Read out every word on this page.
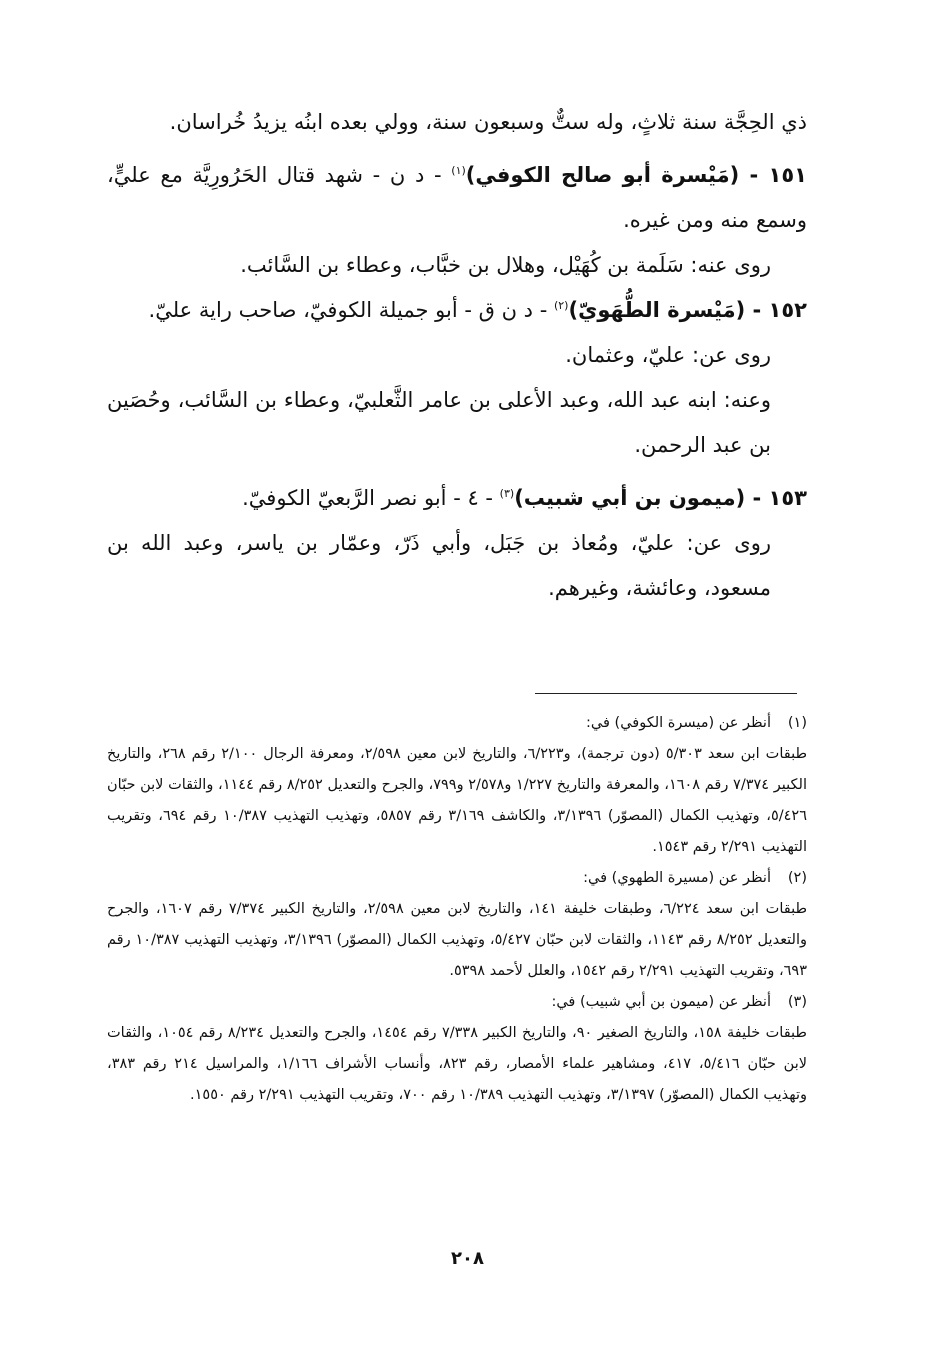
ذي الحِجَّة سنة ثلاثٍ، وله ستٌّ وسبعون سنة، وولي بعده ابنُه يزيدُ خُراسان.

١٥١ - (مَيْسرة أبو صالح الكوفي)$^{(١)}$ - د ن - شهد قتال الحَرُورِيَّة مع عليٍّ، وسمع منه ومن غيره.

روى عنه: سَلَمة بن كُهَيْل، وهلال بن خبَّاب، وعطاء بن السَّائب.

١٥٢ - (مَيْسرة الطُّهَويّ)$^{(٢)}$ - د ن ق - أبو جميلة الكوفيّ، صاحب راية عليّ.

روى عن: عليّ، وعثمان.

وعنه: ابنه عبد الله، وعبد الأعلى بن عامر الثَّعلبيّ، وعطاء بن السَّائب، وحُصَين بن عبد الرحمن.

١٥٣ - (ميمون بن أبي شبيب)$^{(٣)}$ - ٤ - أبو نصر الرَّبعيّ الكوفيّ.

روى عن: عليّ، ومُعاذ بن جَبَل، وأبي ذَرّ، وعمّار بن ياسر، وعبد الله بن مسعود، وعائشة، وغيرهم.

(١)
أنظر عن (ميسرة الكوفي) في:

طبقات ابن سعد ٥/٣٠٣ (دون ترجمة)، و٦/٢٢٣، والتاريخ لابن معين ٢/٥٩٨، ومعرفة الرجال ٢/١٠٠ رقم ٢٦٨، والتاريخ الكبير ٧/٣٧٤ رقم ١٦٠٨، والمعرفة والتاريخ ١/٢٢٧ و٢/٥٧٨ و٧٩٩، والجرح والتعديل ٨/٢٥٢ رقم ١١٤٤، والثقات لابن حبّان ٥/٤٢٦، وتهذيب الكمال (المصوّر) ٣/١٣٩٦، والكاشف ٣/١٦٩ رقم ٥٨٥٧، وتهذيب التهذيب ١٠/٣٨٧ رقم ٦٩٤، وتقريب التهذيب ٢/٢٩١ رقم ١٥٤٣.

(٢)
أنظر عن (مسيرة الطهوي) في:

طبقات ابن سعد ٦/٢٢٤، وطبقات خليفة ١٤١، والتاريخ لابن معين ٢/٥٩٨، والتاريخ الكبير ٧/٣٧٤ رقم ١٦٠٧، والجرح والتعديل ٨/٢٥٢ رقم ١١٤٣، والثقات لابن حبّان ٥/٤٢٧، وتهذيب الكمال (المصوّر) ٣/١٣٩٦، وتهذيب التهذيب ١٠/٣٨٧ رقم ٦٩٣، وتقريب التهذيب ٢/٢٩١ رقم ١٥٤٢، والعلل لأحمد ٥٣٩٨.

(٣)
أنظر عن (ميمون بن أبي شبيب) في:

طبقات خليفة ١٥٨، والتاريخ الصغير ٩٠، والتاريخ الكبير ٧/٣٣٨ رقم ١٤٥٤، والجرح والتعديل ٨/٢٣٤ رقم ١٠٥٤، والثقات لابن حبّان ٥/٤١٦، ٤١٧، ومشاهير علماء الأمصار، رقم ٨٢٣، وأنساب الأشراف ١/١٦٦، والمراسيل ٢١٤ رقم ٣٨٣، وتهذيب الكمال (المصوّر) ٣/١٣٩٧، وتهذيب التهذيب ١٠/٣٨٩ رقم ٧٠٠، وتقريب التهذيب ٢/٢٩١ رقم ١٥٥٠.

٢٠٨
